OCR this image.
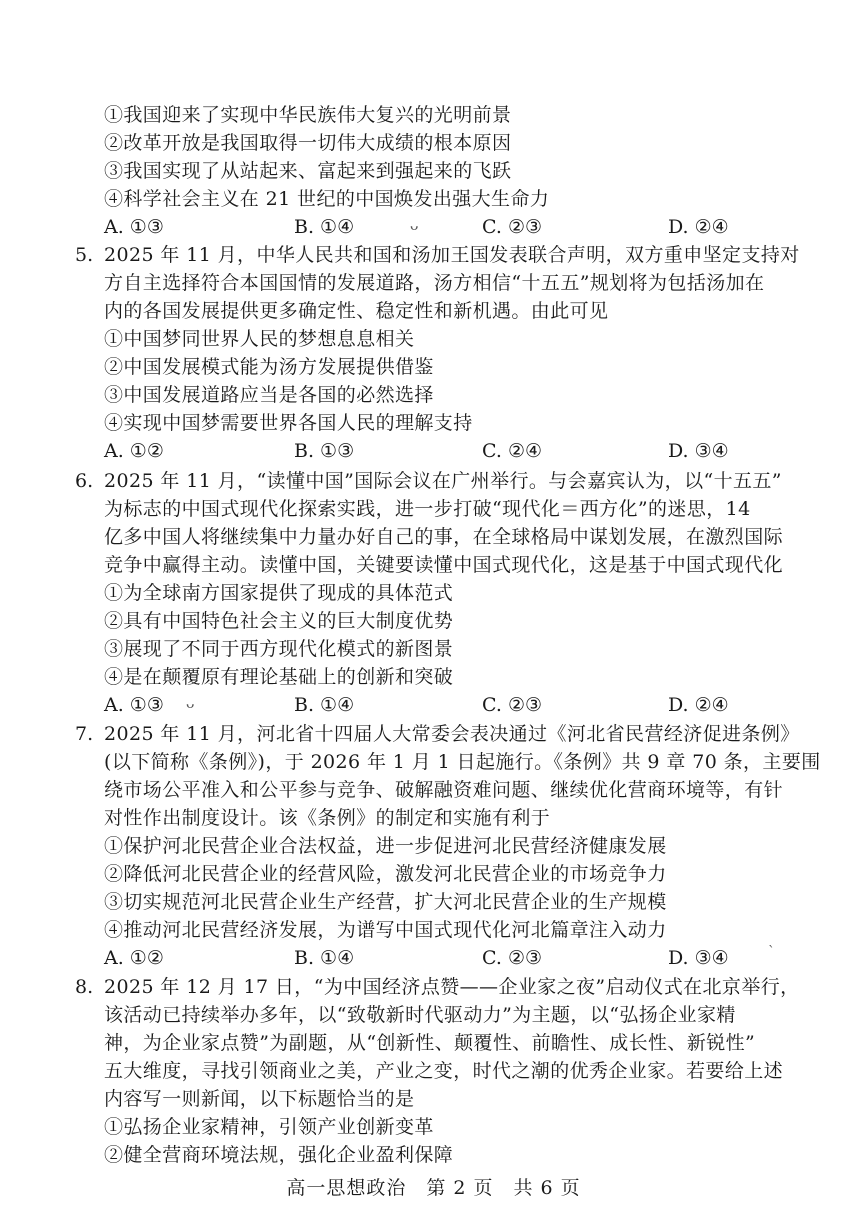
①我国迎来了实现中华民族伟大复兴的光明前景
②改革开放是我国取得一切伟大成绩的根本原因
③我国实现了从站起来、富起来到强起来的飞跃
④科学社会主义在 21 世纪的中国焕发出强大生命力
A. ①③	B. ①④	C. ②③	D. ②④
ᴗ
5. 2025 年 11 月，中华人民共和国和汤加王国发表联合声明，双方重申坚定支持对
方自主选择符合本国国情的发展道路，汤方相信“十五五”规划将为包括汤加在
内的各国发展提供更多确定性、稳定性和新机遇。由此可见
①中国梦同世界人民的梦想息息相关
②中国发展模式能为汤方发展提供借鉴
③中国发展道路应当是各国的必然选择
④实现中国梦需要世界各国人民的理解支持
A. ①②	B. ①③	C. ②④	D. ③④
6. 2025 年 11 月，“读懂中国”国际会议在广州举行。与会嘉宾认为，以“十五五”
为标志的中国式现代化探索实践，进一步打破“现代化＝西方化”的迷思，14
亿多中国人将继续集中力量办好自己的事，在全球格局中谋划发展，在激烈国际
竞争中赢得主动。读懂中国，关键要读懂中国式现代化，这是基于中国式现代化
①为全球南方国家提供了现成的具体范式
②具有中国特色社会主义的巨大制度优势
③展现了不同于西方现代化模式的新图景
④是在颠覆原有理论基础上的创新和突破
A. ①③ ᴗ	B. ①④	C. ②③	D. ②④
7. 2025 年 11 月，河北省十四届人大常委会表决通过《河北省民营经济促进条例》
(以下简称《条例》)，于 2026 年 1 月 1 日起施行。《条例》共 9 章 70 条，主要围
绕市场公平准入和公平参与竞争、破解融资难问题、继续优化营商环境等，有针
对性作出制度设计。该《条例》的制定和实施有利于
①保护河北民营企业合法权益，进一步促进河北民营经济健康发展
②降低河北民营企业的经营风险，激发河北民营企业的市场竞争力
③切实规范河北民营企业生产经营，扩大河北民营企业的生产规模
④推动河北民营经济发展，为谱写中国式现代化河北篇章注入动力
A. ①②	B. ①④	C. ②③	D. ③④	ˋ
8. 2025 年 12 月 17 日，“为中国经济点赞——企业家之夜”启动仪式在北京举行，
该活动已持续举办多年，以“致敬新时代驱动力”为主题，以“弘扬企业家精
神，为企业家点赞”为副题，从“创新性、颠覆性、前瞻性、成长性、新锐性”
五大维度，寻找引领商业之美，产业之变，时代之潮的优秀企业家。若要给上述
内容写一则新闻，以下标题恰当的是
①弘扬企业家精神，引领产业创新变革
②健全营商环境法规，强化企业盈利保障
高一思想政治　第 2 页　共 6 页
